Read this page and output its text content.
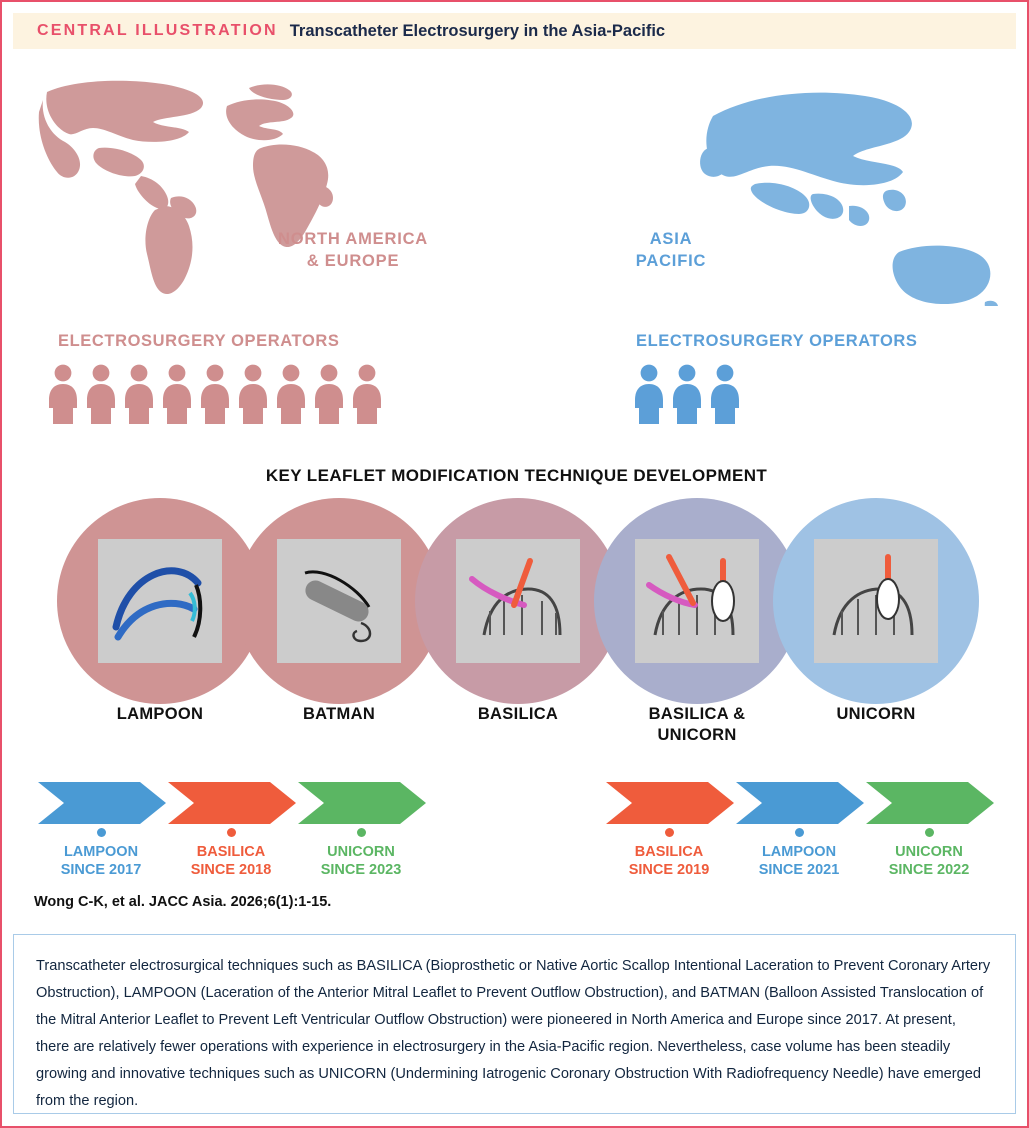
CENTRAL ILLUSTRATION Transcatheter Electrosurgery in the Asia-Pacific
NORTH AMERICA
& EUROPE
ASIA
PACIFIC
ELECTROSURGERY OPERATORS	ELECTROSURGERY OPERATORS
KEY LEAFLET MODIFICATION TECHNIQUE DEVELOPMENT
LAMPOON	BATMAN	BASILICA	BASILICA &
UNICORN
UNICORN
LAMPOON
SINCE 2017
BASILICA
SINCE 2018
UNICORN
SINCE 2023
BASILICA
SINCE 2019
LAMPOON
SINCE 2021
UNICORN
SINCE 2022
Wong C-K, et al. JACC Asia. 2026;6(1):1-15.
Transcatheter electrosurgical techniques such as BASILICA (Bioprosthetic or Native Aortic Scallop Intentional Laceration to Prevent Coronary Artery Obstruction), LAMPOON (Laceration of the Anterior Mitral Leaflet to Prevent Outflow Obstruction), and BATMAN (Balloon Assisted Translocation of the Mitral Anterior Leaflet to Prevent Left Ventricular Outflow Obstruction) were pioneered in North America and Europe since 2017. At present, there are relatively fewer operations with experience in electrosurgery in the Asia-Pacific region. Nevertheless, case volume has been steadily growing and innovative techniques such as UNICORN (Undermining Iatrogenic Coronary Obstruction With Radiofrequency Needle) have emerged from the region.
